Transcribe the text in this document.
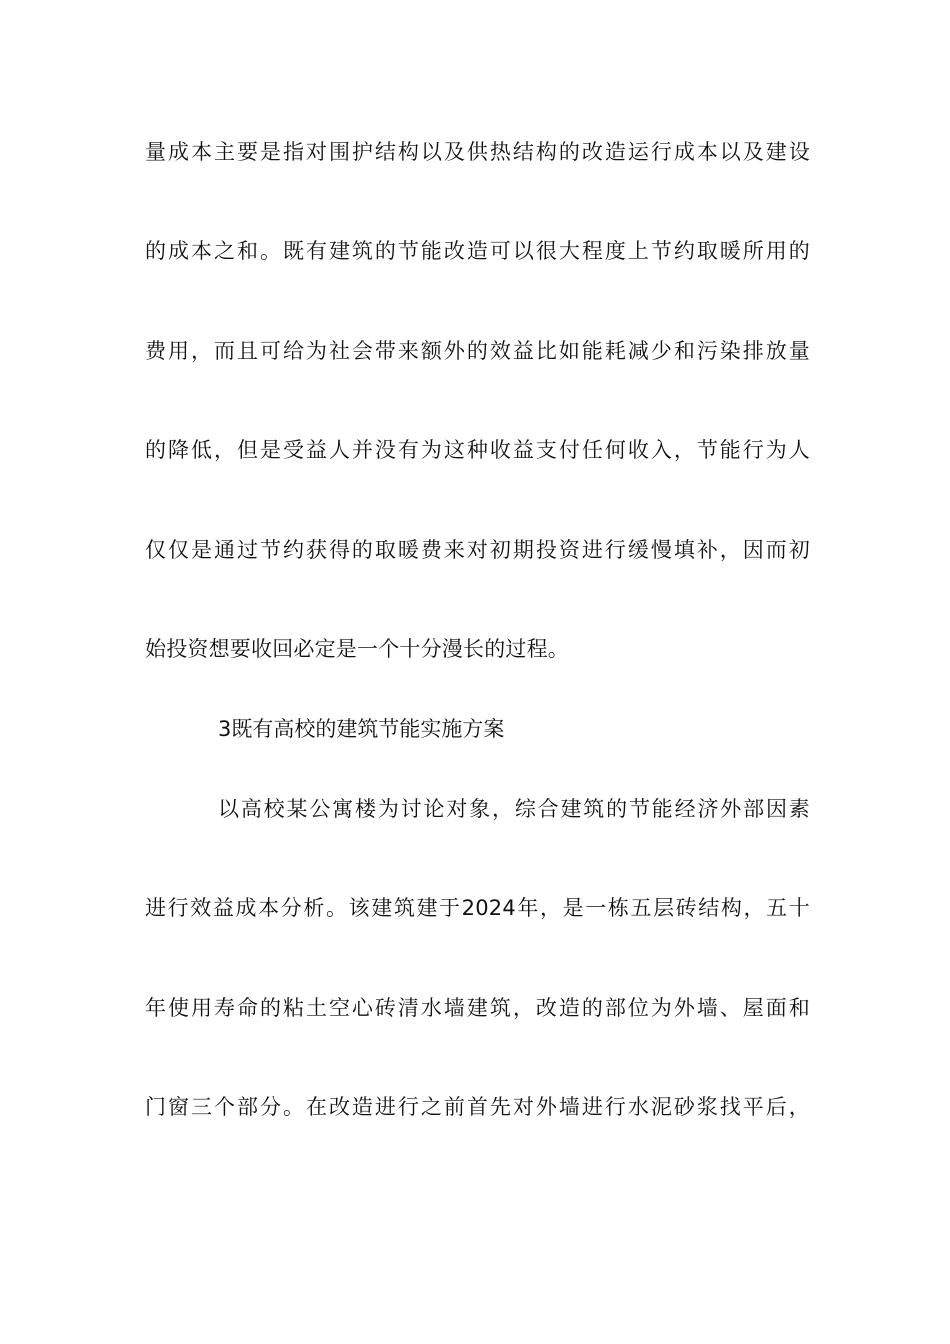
量成本主要是指对围护结构以及供热结构的改造运行成本以及建设
的成本之和。既有建筑的节能改造可以很大程度上节约取暖所用的
费用，而且可给为社会带来额外的效益比如能耗减少和污染排放量
的降低，但是受益人并没有为这种收益支付任何收入，节能行为人
仅仅是通过节约获得的取暖费来对初期投资进行缓慢填补，因而初
始投资想要收回必定是一个十分漫长的过程。
3既有高校的建筑节能实施方案
以高校某公寓楼为讨论对象，综合建筑的节能经济外部因素
进行效益成本分析。该建筑建于2024年，是一栋五层砖结构，五十
年使用寿命的粘土空心砖清水墙建筑，改造的部位为外墙、屋面和
门窗三个部分。在改造进行之前首先对外墙进行水泥砂浆找平后，
